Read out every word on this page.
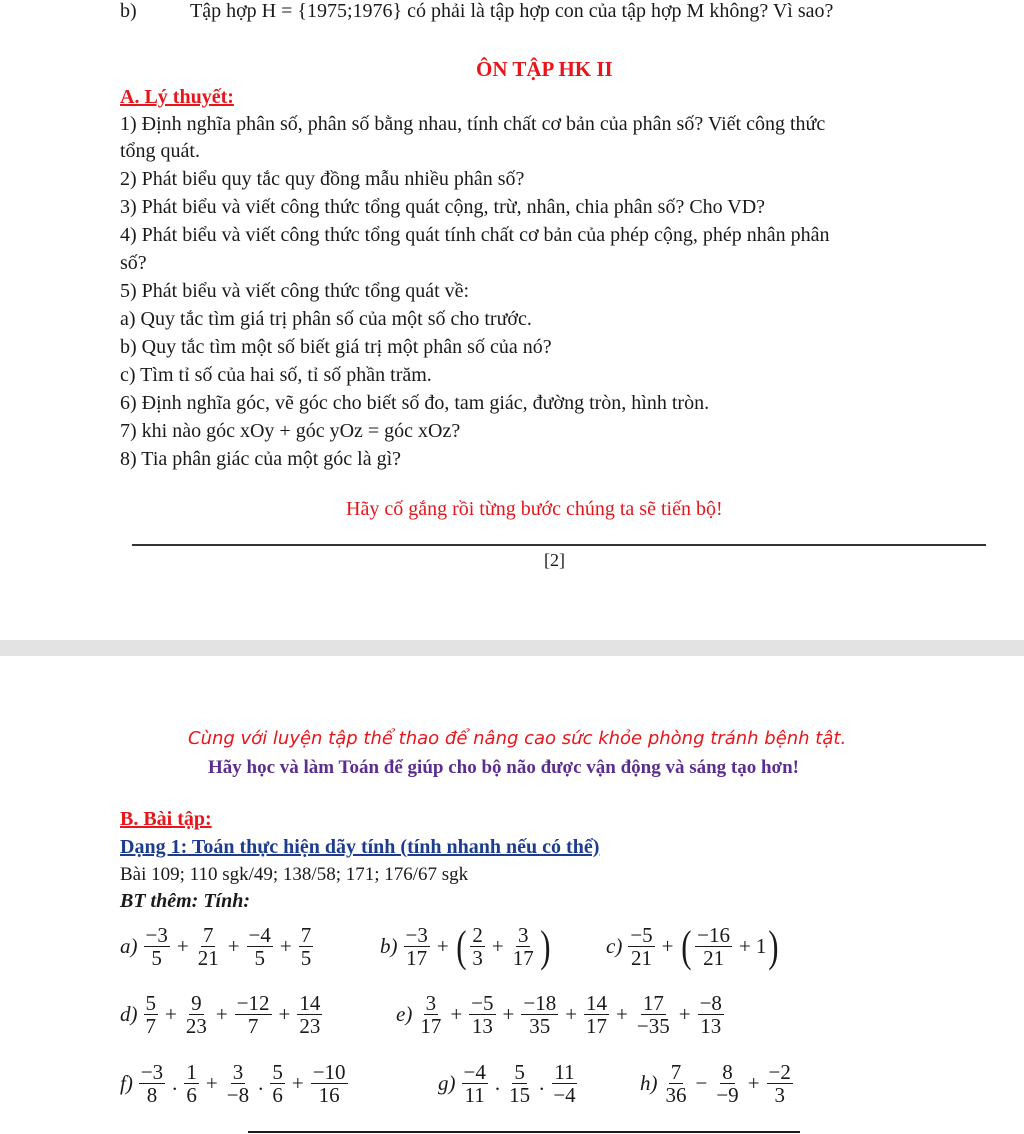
b)	Tập hợp H = {1975;1976} có phải là tập hợp con của tập hợp M không? Vì sao?
ÔN TẬP HK II
A. Lý thuyết:
1) Định nghĩa phân số, phân số bằng nhau, tính chất cơ bản của phân số? Viết công thức
tổng quát.
2) Phát biểu quy tắc quy đồng mẫu nhiều phân số?
3) Phát biểu và viết công thức tổng quát cộng, trừ, nhân, chia phân số? Cho VD?
4) Phát biểu và viết công thức tổng quát tính chất cơ bản của phép cộng, phép nhân phân
số?
5) Phát biểu và viết công thức tổng quát về:
a) Quy tắc tìm giá trị phân số của một số cho trước.
b) Quy tắc tìm một số biết giá trị một phân số của nó?
c) Tìm tỉ số của hai số, tỉ số phần trăm.
6) Định nghĩa góc, vẽ góc cho biết số đo, tam giác, đường tròn, hình tròn.
7) khi nào góc xOy + góc yOz = góc xOz?
8) Tia phân giác của một góc là gì?
Hãy cố gắng rồi từng bước chúng ta sẽ tiến bộ!
[2]
Cùng với luyện tập thể thao để nâng cao sức khỏe phòng tránh bệnh tật.
Hãy học và làm Toán để giúp cho bộ não được vận động và sáng tạo hơn!
B. Bài tập:
Dạng 1: Toán thực hiện dãy tính (tính nhanh nếu có thể)
Bài 109; 110 sgk/49; 138/58; 171; 176/67 sgk
BT thêm: Tính:
$a) \frac{-3}{5} + \frac{7}{21} + \frac{-4}{5} + \frac{7}{5}$	$b) \frac{-3}{17}$ + ( $\frac{2}{3} + \frac{3}{17}$ )	$c) \frac{-5}{21}$ + ( $\frac{-16}{21} + 1$ )
$d) \frac{5}{7} + \frac{9}{23} + \frac{-12}{7} + \frac{14}{23}$	$e) \frac{3}{17} + \frac{-5}{13} + \frac{-18}{35} + \frac{14}{17} + \frac{17}{-35} + \frac{-8}{13}$
$f) \frac{-3}{8}$ . $\frac{1}{6} + \frac{3}{-8}$ . $\frac{5}{6} + \frac{-10}{16}$	$g) \frac{-4}{11}$ . $\frac{5}{15}$ . $\frac{11}{-4}$	$h) \frac{7}{36} - \frac{8}{-9} + \frac{-2}{3}$
